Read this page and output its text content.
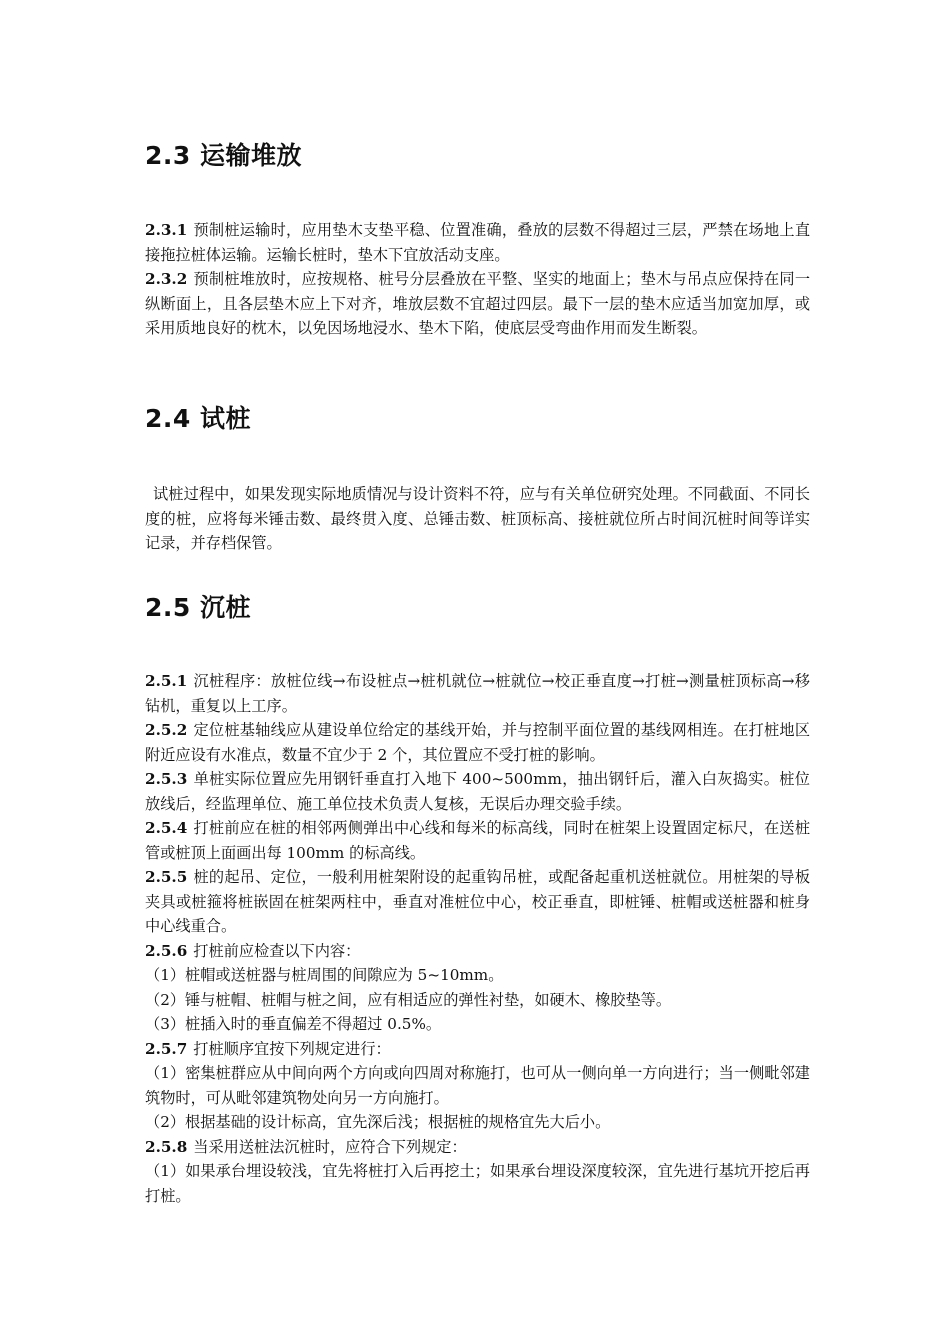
2.3 运输堆放

2.3.1 预制桩运输时，应用垫木支垫平稳、位置准确，叠放的层数不得超过三层，严禁在场地上直接拖拉桩体运输。运输长桩时，垫木下宜放活动支座。

2.3.2 预制桩堆放时，应按规格、桩号分层叠放在平整、坚实的地面上；垫木与吊点应保持在同一纵断面上，且各层垫木应上下对齐，堆放层数不宜超过四层。最下一层的垫木应适当加宽加厚，或采用质地良好的枕木，以免因场地浸水、垫木下陷，使底层受弯曲作用而发生断裂。

2.4 试桩

试桩过程中，如果发现实际地质情况与设计资料不符，应与有关单位研究处理。不同截面、不同长度的桩，应将每米锤击数、最终贯入度、总锤击数、桩顶标高、接桩就位所占时间沉桩时间等详实记录，并存档保管。

2.5 沉桩

2.5.1 沉桩程序：放桩位线→布设桩点→桩机就位→桩就位→校正垂直度→打桩→测量桩顶标高→移钻机，重复以上工序。

2.5.2 定位桩基轴线应从建设单位给定的基线开始，并与控制平面位置的基线网相连。在打桩地区附近应设有水准点，数量不宜少于 2 个，其位置应不受打桩的影响。

2.5.3 单桩实际位置应先用钢钎垂直打入地下 400~500mm，抽出钢钎后，灌入白灰捣实。桩位放线后，经监理单位、施工单位技术负责人复核，无误后办理交验手续。

2.5.4 打桩前应在桩的相邻两侧弹出中心线和每米的标高线，同时在桩架上设置固定标尺，在送桩管或桩顶上面画出每 100mm 的标高线。

2.5.5 桩的起吊、定位，一般利用桩架附设的起重钩吊桩，或配备起重机送桩就位。用桩架的导板夹具或桩箍将桩嵌固在桩架两柱中，垂直对准桩位中心，校正垂直，即桩锤、桩帽或送桩器和桩身中心线重合。

2.5.6 打桩前应检查以下内容：

（1）桩帽或送桩器与桩周围的间隙应为 5~10mm。

（2）锤与桩帽、桩帽与桩之间，应有相适应的弹性衬垫，如硬木、橡胶垫等。

（3）桩插入时的垂直偏差不得超过 0.5%。

2.5.7 打桩顺序宜按下列规定进行：

（1）密集桩群应从中间向两个方向或向四周对称施打，也可从一侧向单一方向进行；当一侧毗邻建筑物时，可从毗邻建筑物处向另一方向施打。

（2）根据基础的设计标高，宜先深后浅；根据桩的规格宜先大后小。

2.5.8 当采用送桩法沉桩时，应符合下列规定：

（1）如果承台埋设较浅，宜先将桩打入后再挖土；如果承台埋设深度较深，宜先进行基坑开挖后再打桩。
